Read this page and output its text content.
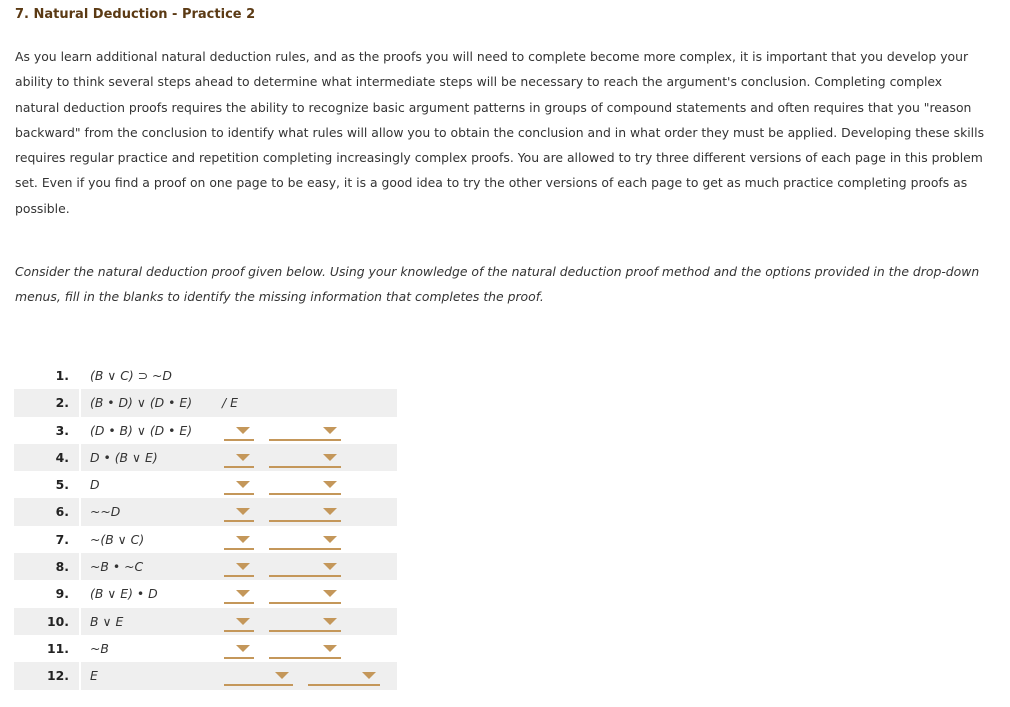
7. Natural Deduction - Practice 2
As you learn additional natural deduction rules, and as the proofs you will need to complete become more complex, it is important that you develop your ability to think several steps ahead to determine what intermediate steps will be necessary to reach the argument's conclusion. Completing complex natural deduction proofs requires the ability to recognize basic argument patterns in groups of compound statements and often requires that you "reason backward" from the conclusion to identify what rules will allow you to obtain the conclusion and in what order they must be applied. Developing these skills requires regular practice and repetition completing increasingly complex proofs. You are allowed to try three different versions of each page in this problem set. Even if you find a proof on one page to be easy, it is a good idea to try the other versions of each page to get as much practice completing proofs as possible.
Consider the natural deduction proof given below. Using your knowledge of the natural deduction proof method and the options provided in the drop-down menus, fill in the blanks to identify the missing information that completes the proof.
1. (B ∨ C) ⊃ ~D
2. (B • D) ∨ (D • E) / E
3. (D • B) ∨ (D • E)
4. D • (B ∨ E)
5. D
6. ~~D
7. ~(B ∨ C)
8. ~B • ~C
9. (B ∨ E) • D
10. B ∨ E
11. ~B
12. E
